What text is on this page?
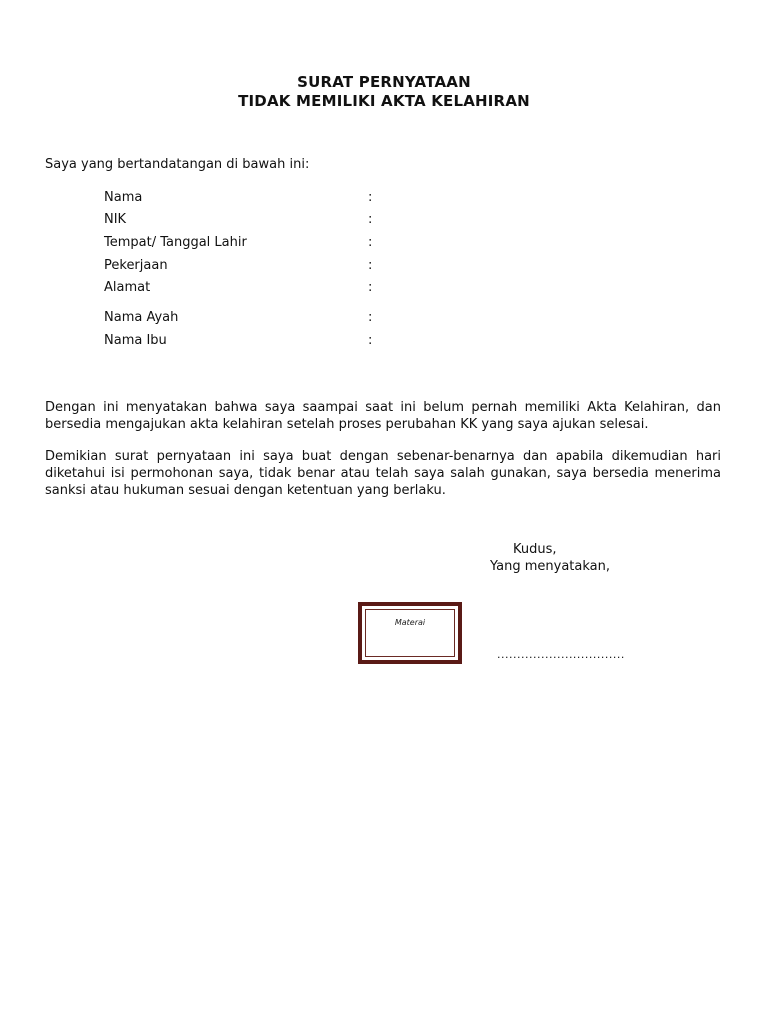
SURAT PERNYATAAN
TIDAK MEMILIKI AKTA KELAHIRAN
Saya yang bertandatangan di bawah ini:
Nama	:
NIK	:
Tempat/ Tanggal Lahir	:
Pekerjaan	:
Alamat	:
Nama Ayah	:
Nama Ibu	:
Dengan ini menyatakan bahwa saya saampai saat ini belum pernah memiliki Akta Kelahiran, dan bersedia mengajukan akta kelahiran setelah proses perubahan KK yang saya ajukan selesai.
Demikian surat pernyataan ini saya buat dengan sebenar-benarnya dan apabila dikemudian hari diketahui isi permohonan saya, tidak benar atau telah saya salah gunakan, saya bersedia menerima sanksi atau hukuman sesuai dengan ketentuan yang berlaku.
Kudus,
Yang menyatakan,
Materai
................................
